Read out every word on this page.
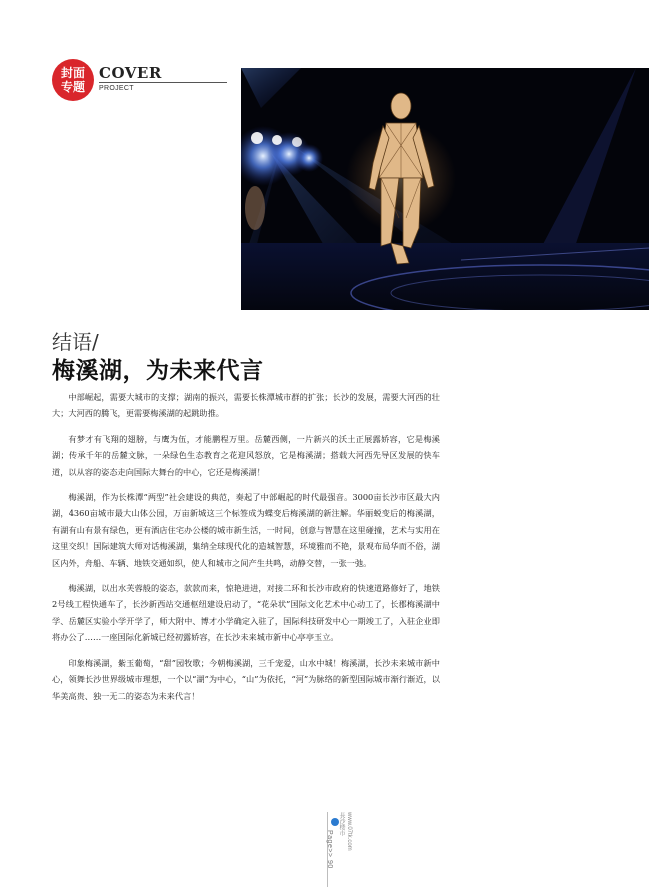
封面
专题
COVER
PROJECT
结语/
梅溪湖，为未来代言

中部崛起，需要大城市的支撑；湖南的振兴，需要长株潭城市群的扩张；长沙的发展，需要大河西的壮大；大河西的腾飞，更需要梅溪湖的起跳助推。

有梦才有飞翔的翅膀，与鹰为伍，才能鹏程万里。岳麓西侧，一片新兴的沃土正展露娇容，它是梅溪湖；传承千年的岳麓文脉，一朵绿色生态教育之花迎风怒放，它是梅溪湖；搭载大河西先导区发展的快车道，以从容的姿态走向国际大舞台的中心，它还是梅溪湖！

梅溪湖，作为长株潭“两型”社会建设的典范，奏起了中部崛起的时代最强音。3000亩长沙市区最大内湖，4360亩城市最大山体公园，万亩新城这三个标签成为蝶变后梅溪湖的新注解。华丽蜕变后的梅溪湖，有湖有山有景有绿色，更有酒店住宅办公楼的城市新生活，一时间，创意与智慧在这里碰撞，艺术与实用在这里交织！国际建筑大师对话梅溪湖，集纳全球现代化的造城智慧，环境雅而不艳，景观布局华而不俗，湖区内外，舟船、车辆、地铁交通如织，使人和城市之间产生共鸣，动静交替，一张一弛。

梅溪湖，以出水芙蓉般的姿态，款款而来，惊艳进进，对接二环和长沙市政府的快速道路修好了，地铁2号线工程快通车了，长沙新西站交通枢纽建设启动了，“花朵状”国际文化艺术中心动工了，长郡梅溪湖中学、岳麓区实验小学开学了，师大附中、博才小学确定入驻了，国际科技研发中心一期竣工了，入驻企业即将办公了……一座国际化新城已经初露娇容，在长沙未来城市新中心亭亭玉立。

印象梅溪湖，紫玉葡萄，“甜”园牧歌；今朝梅溪湖，三千宠爱，山水中城！梅溪湖，长沙未来城市新中心，领舞长沙世界级城市理想，一个以“湖”为中心，“山”为依托，“河”为脉络的新型国际城市渐行渐近，以华美高贵、独一无二的姿态为未来代言！

Page>> 90	www.07tk.com
長沙楼市
